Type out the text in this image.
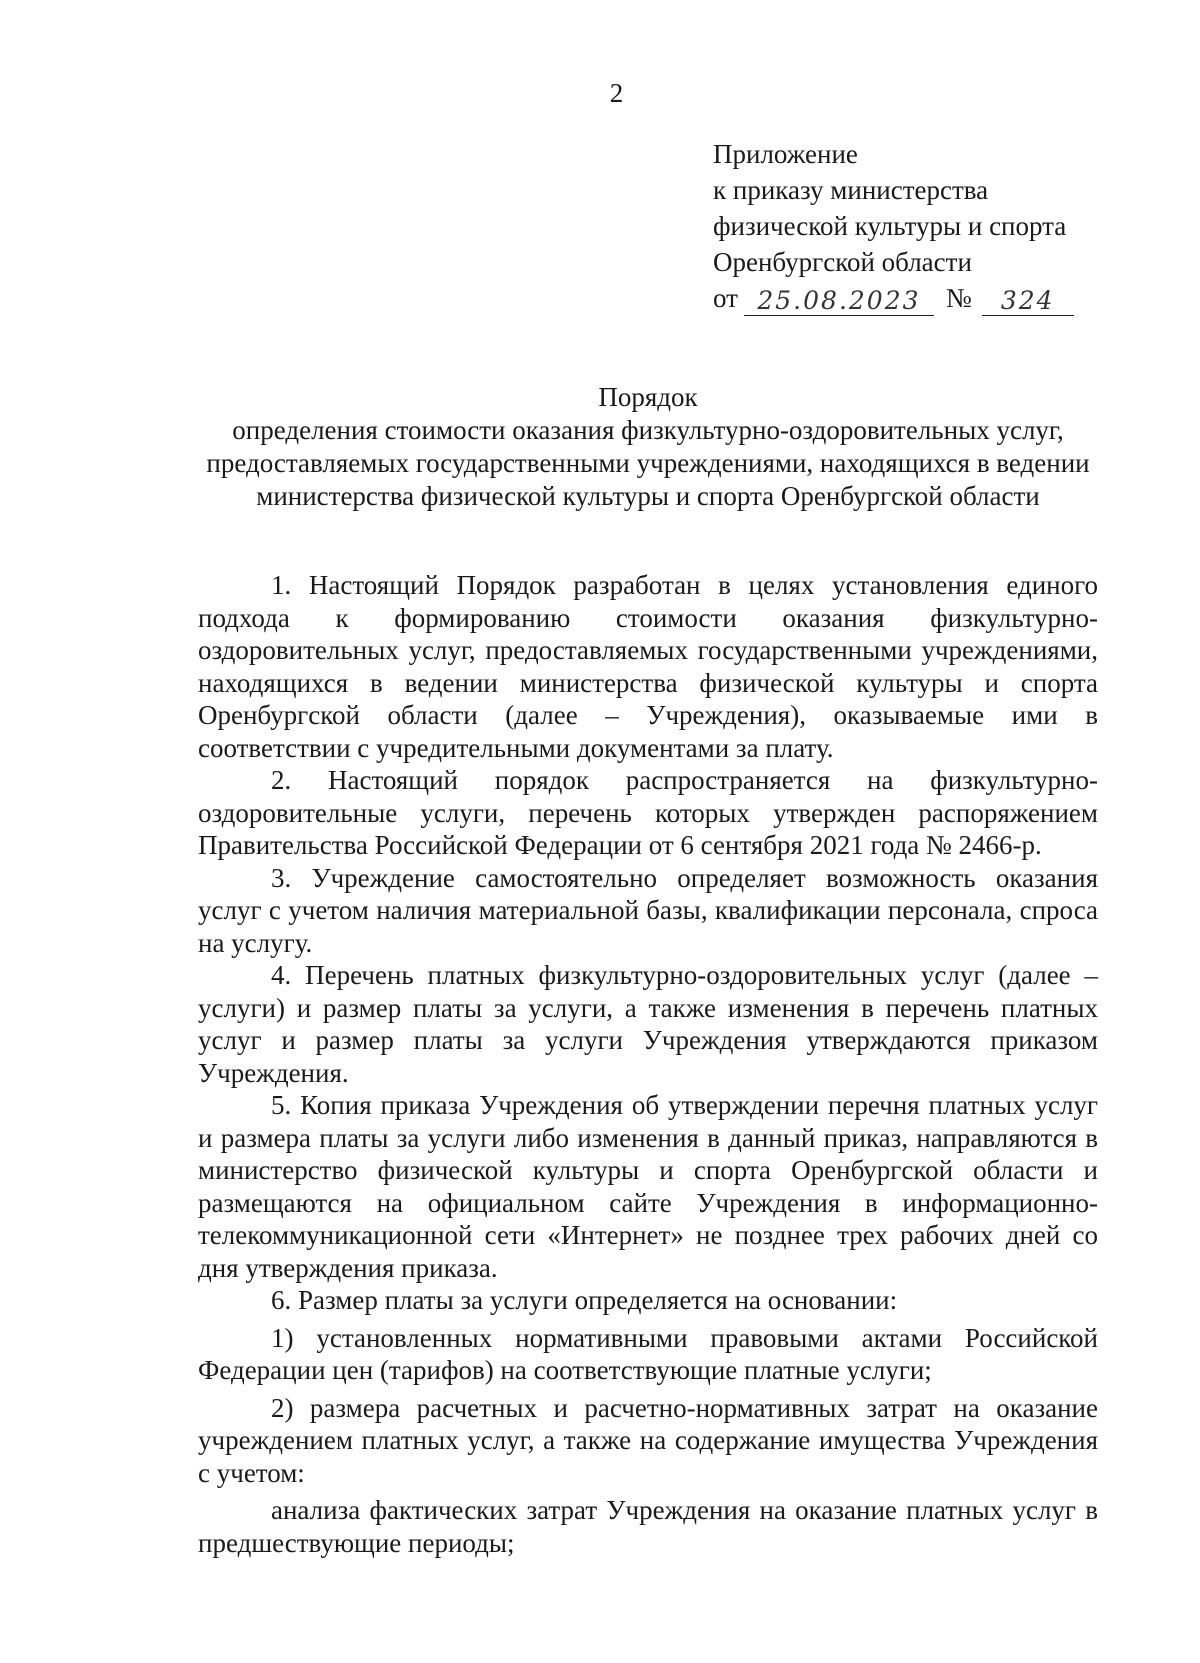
2
Приложение
к приказу министерства
физической культуры и спорта
Оренбургской области
от 25.08.2023 №	324
Порядок
определения стоимости оказания физкультурно-оздоровительных услуг,
предоставляемых государственными учреждениями, находящихся в ведении
министерства физической культуры и спорта Оренбургской области

1. Настоящий Порядок разработан в целях установления единого подхода к формированию стоимости оказания физкультурно-оздоровительных услуг, предоставляемых государственными учреждениями, находящихся в ведении министерства физической культуры и спорта Оренбургской области (далее – Учреждения), оказываемые ими в соответствии с учредительными документами за плату.

2. Настоящий порядок распространяется на физкультурно-оздоровительные услуги, перечень которых утвержден распоряжением Правительства Российской Федерации от 6 сентября 2021 года № 2466-р.

3. Учреждение самостоятельно определяет возможность оказания услуг с учетом наличия материальной базы, квалификации персонала, спроса на услугу.

4. Перечень платных физкультурно-оздоровительных услуг (далее – услуги) и размер платы за услуги, а также изменения в перечень платных услуг и размер платы за услуги Учреждения утверждаются приказом Учреждения.

5. Копия приказа Учреждения об утверждении перечня платных услуг и размера платы за услуги либо изменения в данный приказ, направляются в министерство физической культуры и спорта Оренбургской области и размещаются на официальном сайте Учреждения в информационно-телекоммуникационной сети «Интернет» не позднее трех рабочих дней со дня утверждения приказа.

6. Размер платы за услуги определяется на основании:

1) установленных нормативными правовыми актами Российской Федерации цен (тарифов) на соответствующие платные услуги;

2) размера расчетных и расчетно-нормативных затрат на оказание учреждением платных услуг, а также на содержание имущества Учреждения с учетом:

анализа фактических затрат Учреждения на оказание платных услуг в предшествующие периоды;
